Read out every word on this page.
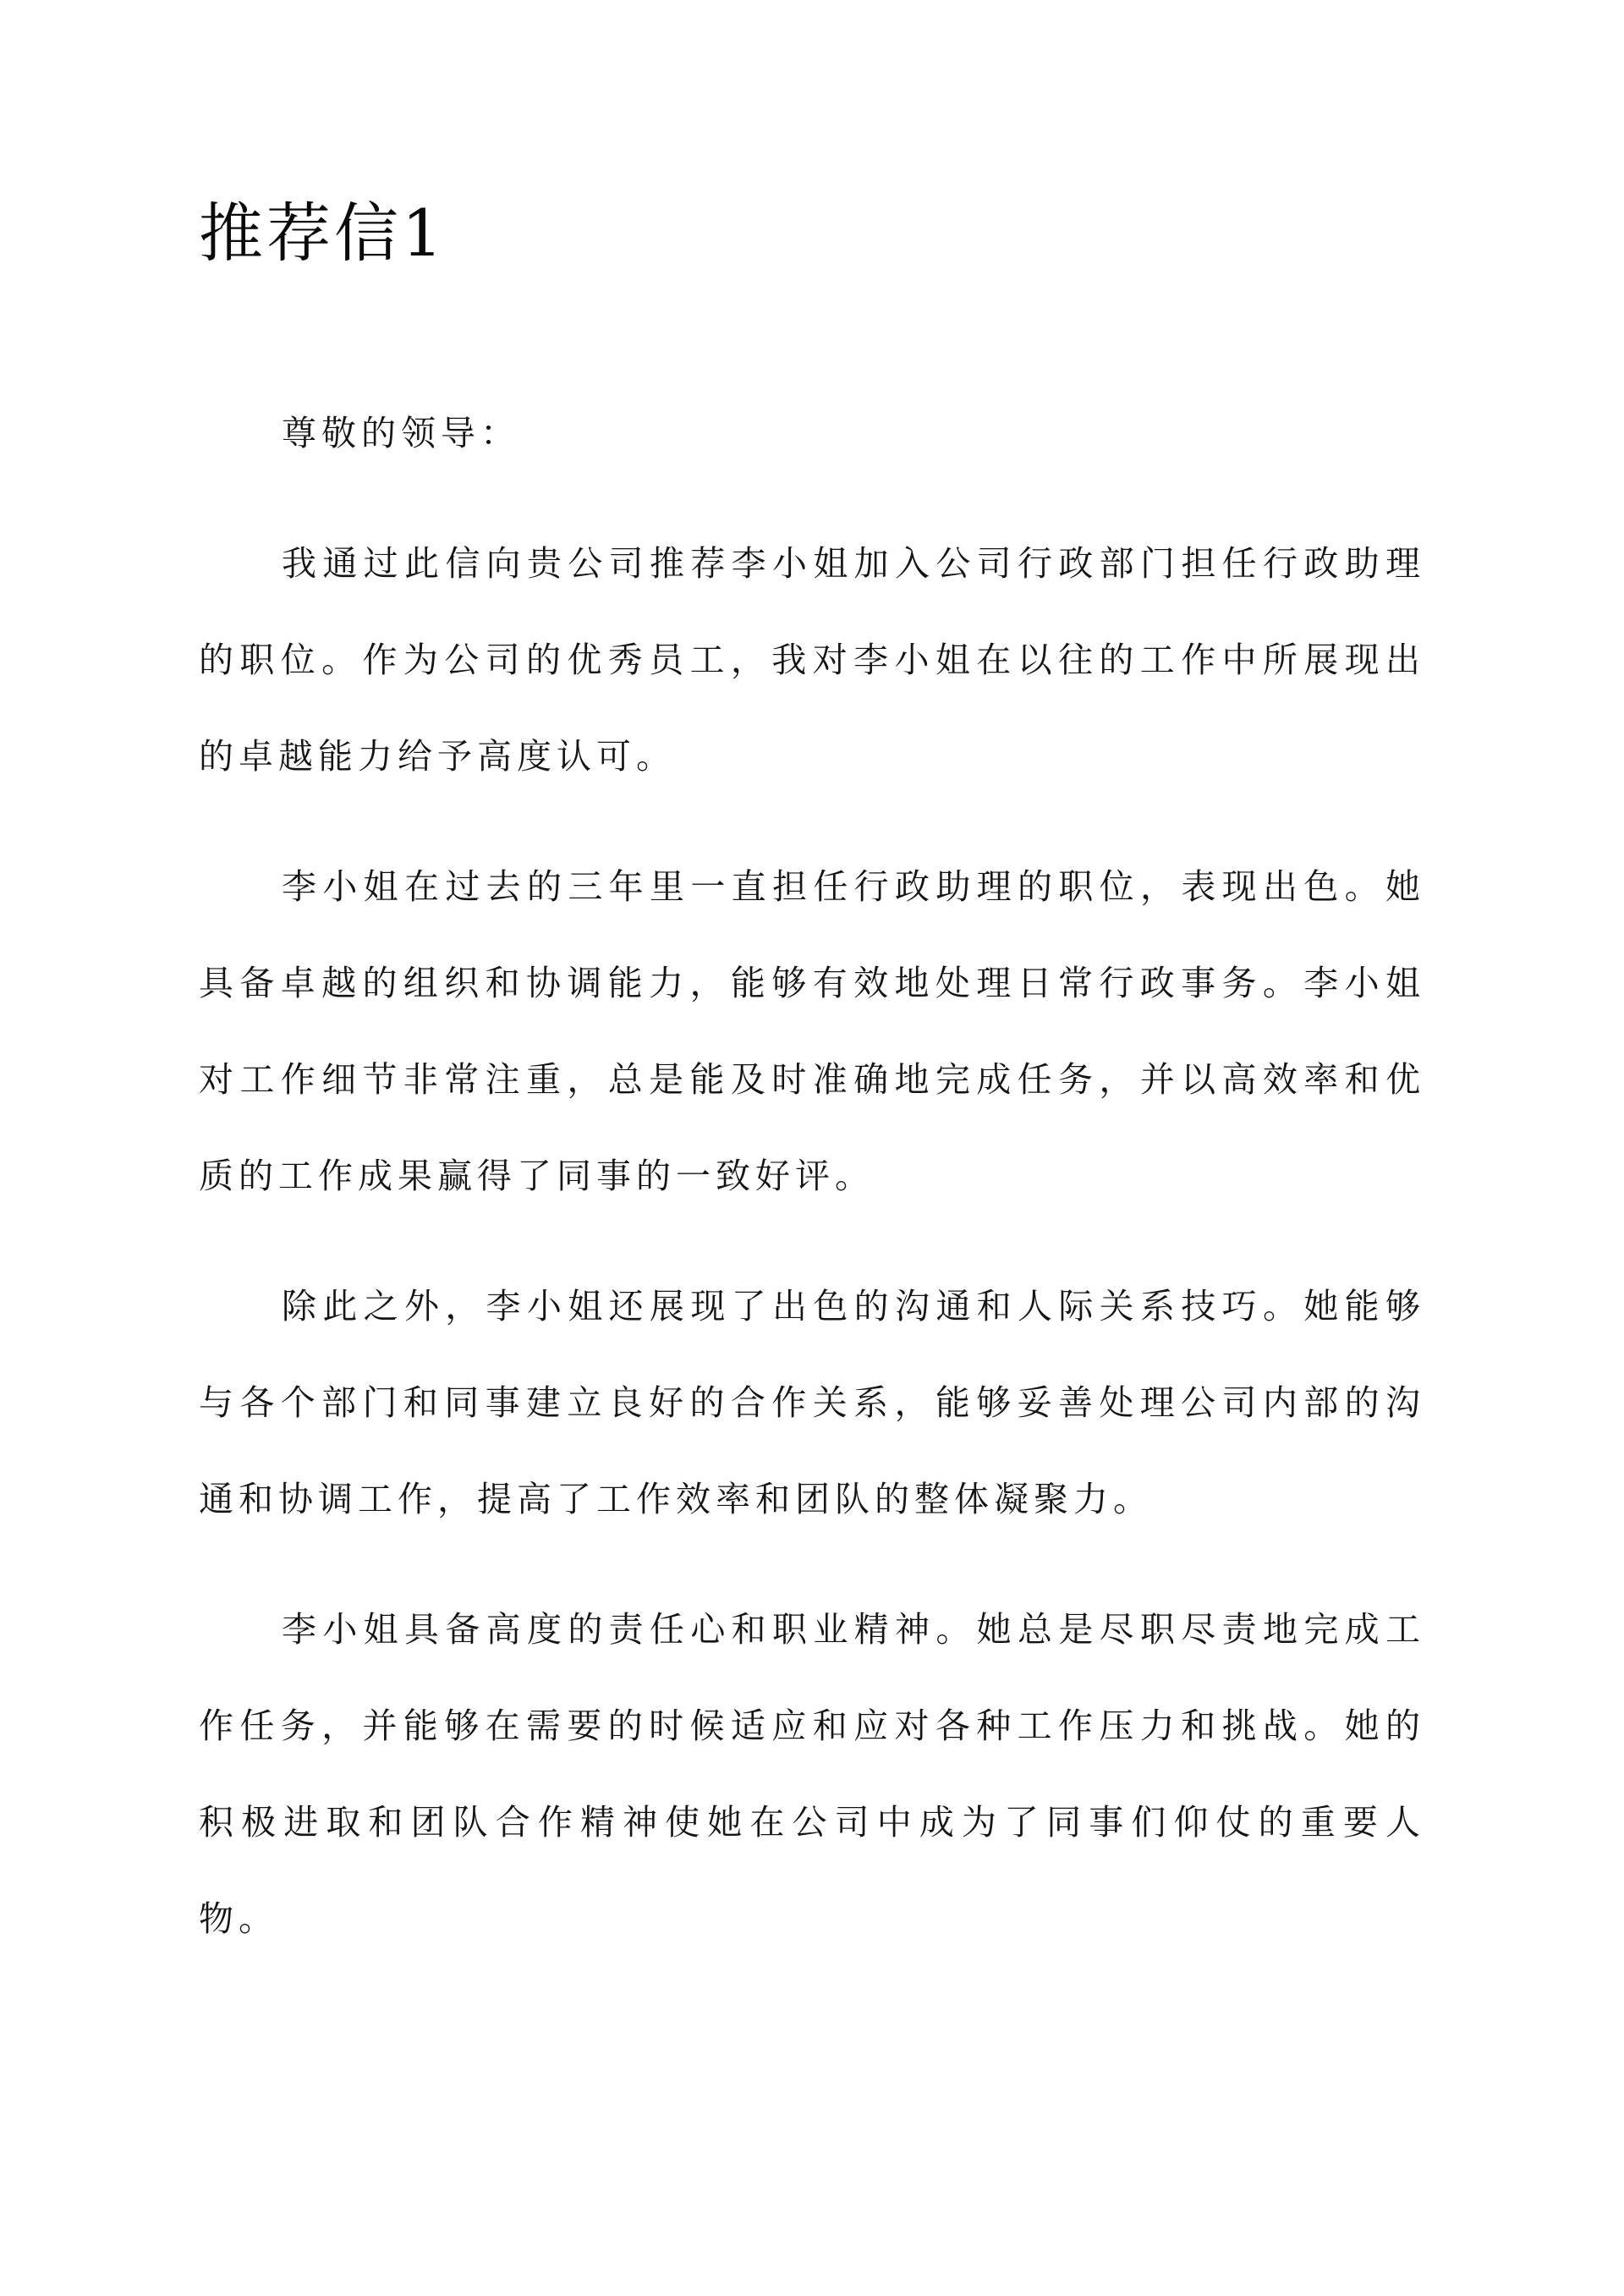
推荐信1

尊敬的领导：

我通过此信向贵公司推荐李小姐加入公司行政部门担任行政助理的职位。作为公司的优秀员工，我对李小姐在以往的工作中所展现出的卓越能力给予高度认可。

李小姐在过去的三年里一直担任行政助理的职位，表现出色。她具备卓越的组织和协调能力，能够有效地处理日常行政事务。李小姐对工作细节非常注重，总是能及时准确地完成任务，并以高效率和优质的工作成果赢得了同事的一致好评。

除此之外，李小姐还展现了出色的沟通和人际关系技巧。她能够与各个部门和同事建立良好的合作关系，能够妥善处理公司内部的沟通和协调工作，提高了工作效率和团队的整体凝聚力。

李小姐具备高度的责任心和职业精神。她总是尽职尽责地完成工作任务，并能够在需要的时候适应和应对各种工作压力和挑战。她的积极进取和团队合作精神使她在公司中成为了同事们仰仗的重要人物。
